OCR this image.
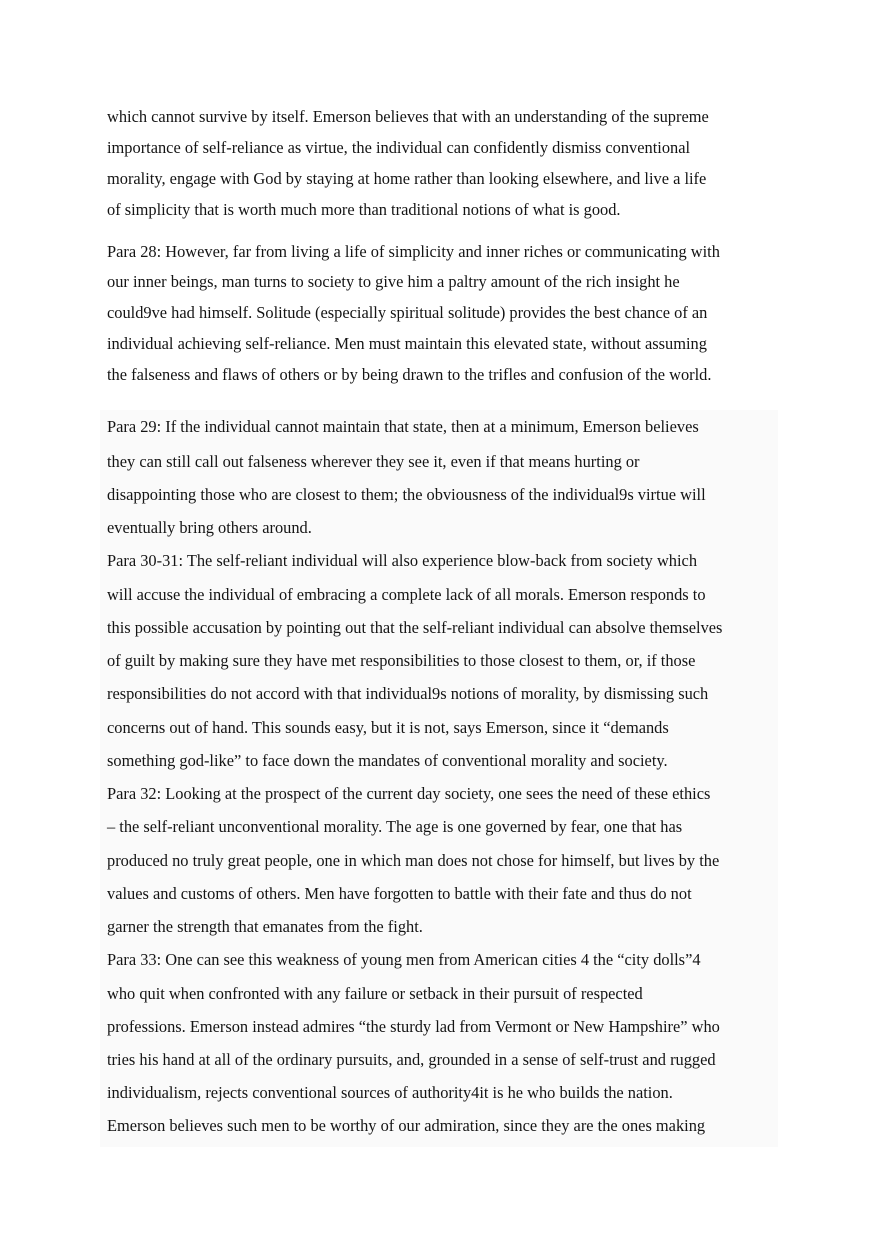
which cannot survive by itself. Emerson believes that with an understanding of the supreme

importance of self-reliance as virtue, the individual can confidently dismiss conventional

morality, engage with God by staying at home rather than looking elsewhere, and live a life

of simplicity that is worth much more than traditional notions of what is good.

Para 28: However, far from living a life of simplicity and inner riches or communicating with

our inner beings, man turns to society to give him a paltry amount of the rich insight he

could9ve had himself. Solitude (especially spiritual solitude) provides the best chance of an

individual achieving self-reliance. Men must maintain this elevated state, without assuming

the falseness and flaws of others or by being drawn to the trifles and confusion of the world.

Para 29: If the individual cannot maintain that state, then at a minimum, Emerson believes

they can still call out falseness wherever they see it, even if that means hurting or

disappointing those who are closest to them; the obviousness of the individual9s virtue will

eventually bring others around.

Para 30-31: The self-reliant individual will also experience blow-back from society which

will accuse the individual of embracing a complete lack of all morals. Emerson responds to

this possible accusation by pointing out that the self-reliant individual can absolve themselves

of guilt by making sure they have met responsibilities to those closest to them, or, if those

responsibilities do not accord with that individual9s notions of morality, by dismissing such

concerns out of hand. This sounds easy, but it is not, says Emerson, since it “demands

something god-like” to face down the mandates of conventional morality and society.

Para 32: Looking at the prospect of the current day society, one sees the need of these ethics

– the self-reliant unconventional morality. The age is one governed by fear, one that has

produced no truly great people, one in which man does not chose for himself, but lives by the

values and customs of others. Men have forgotten to battle with their fate and thus do not

garner the strength that emanates from the fight.

Para 33: One can see this weakness of young men from American cities 4 the “city dolls”4

who quit when confronted with any failure or setback in their pursuit of respected

professions. Emerson instead admires “the sturdy lad from Vermont or New Hampshire” who

tries his hand at all of the ordinary pursuits, and, grounded in a sense of self-trust and rugged

individualism, rejects conventional sources of authority4it is he who builds the nation.

Emerson believes such men to be worthy of our admiration, since they are the ones making
